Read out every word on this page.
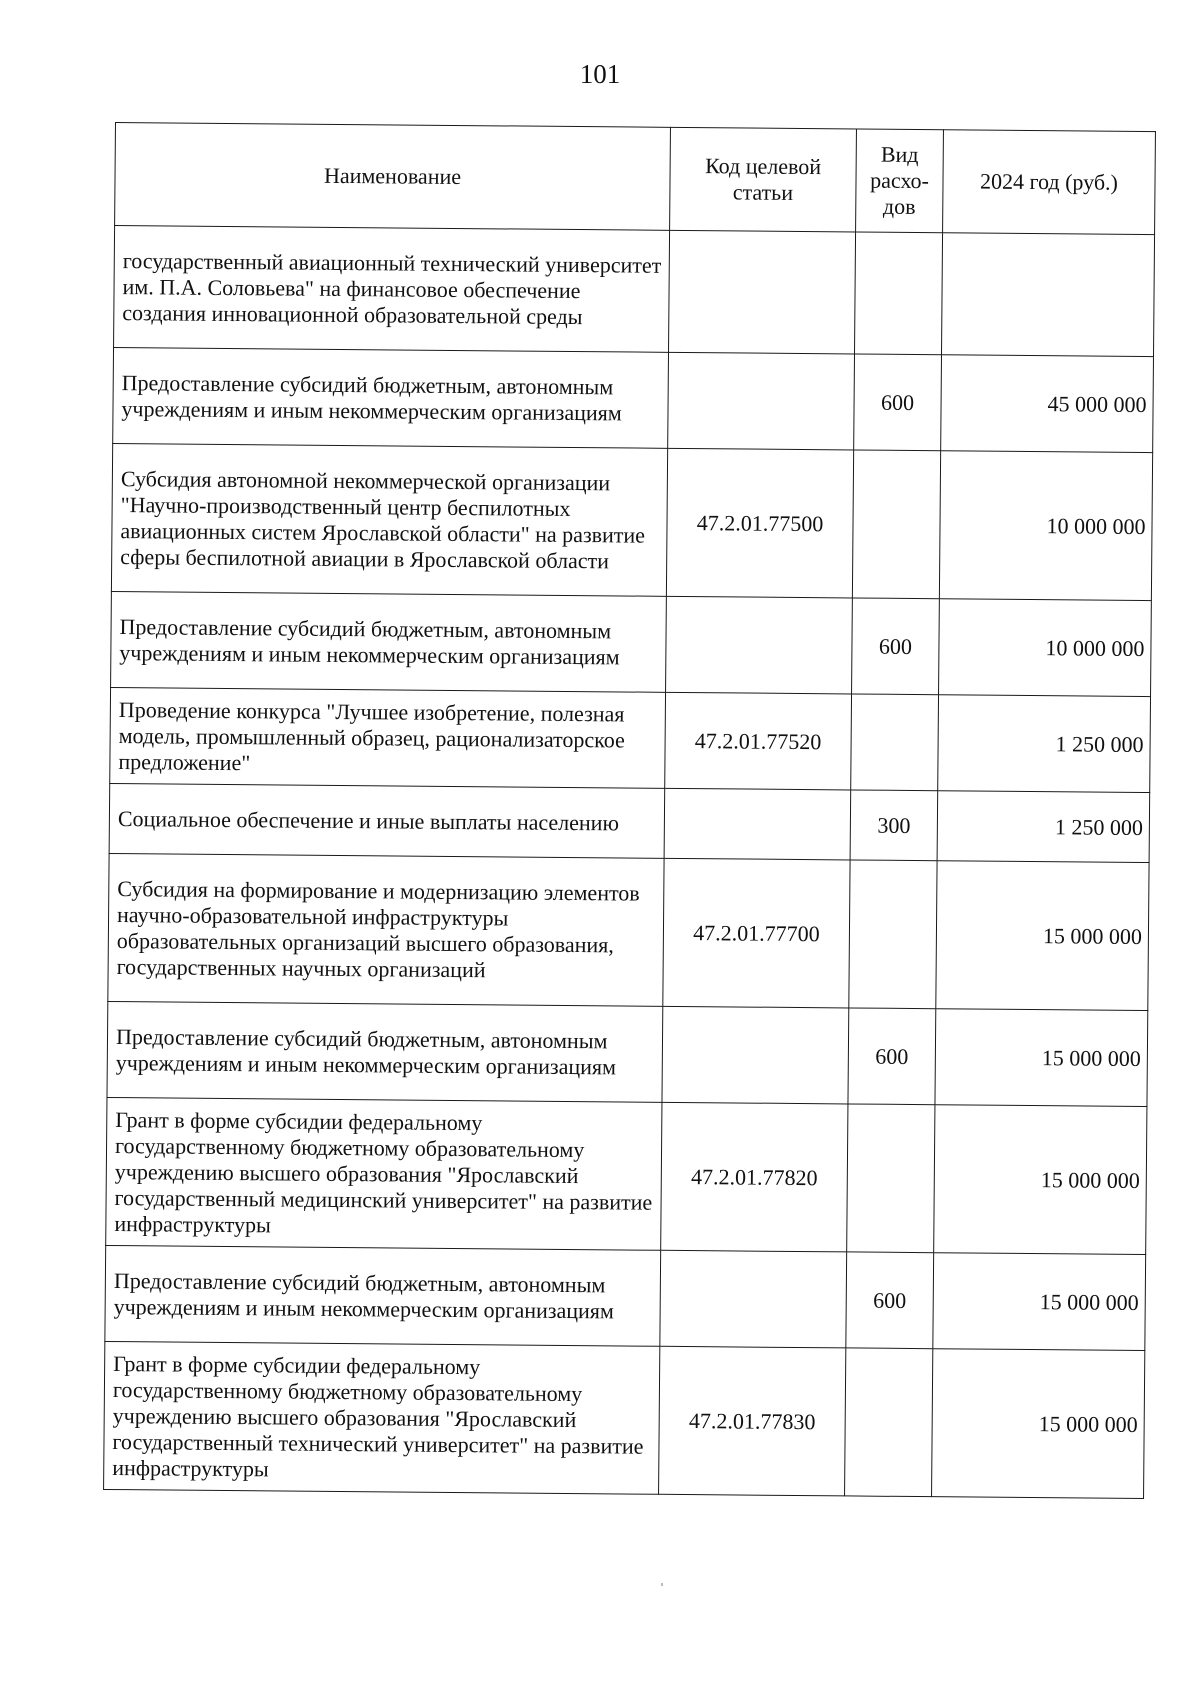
101
Наименование	Код целевой статьи	Вид расхо-дов	2024 год (руб.)
государственный авиационный технический университет им. П.А. Соловьева" на финансовое обеспечение создания инновационной образовательной среды			
Предоставление субсидий бюджетным, автономным учреждениям и иным некоммерческим организациям		600	45 000 000
Субсидия автономной некоммерческой организации "Научно-производственный центр беспилотных авиационных систем Ярославской области" на развитие сферы беспилотной авиации в Ярославской области	47.2.01.77500		10 000 000
Предоставление субсидий бюджетным, автономным учреждениям и иным некоммерческим организациям		600	10 000 000
Проведение конкурса "Лучшее изобретение, полезная модель, промышленный образец, рационализаторское предложение"	47.2.01.77520		1 250 000
Социальное обеспечение и иные выплаты населению		300	1 250 000
Субсидия на формирование и модернизацию элементов научно-образовательной инфраструктуры образовательных организаций высшего образования, государственных научных организаций	47.2.01.77700		15 000 000
Предоставление субсидий бюджетным, автономным учреждениям и иным некоммерческим организациям		600	15 000 000
Грант в форме субсидии федеральному государственному бюджетному образовательному учреждению высшего образования "Ярославский государственный медицинский университет" на развитие инфраструктуры	47.2.01.77820		15 000 000
Предоставление субсидий бюджетным, автономным учреждениям и иным некоммерческим организациям		600	15 000 000
Грант в форме субсидии федеральному государственному бюджетному образовательному учреждению высшего образования "Ярославский государственный технический университет" на развитие инфраструктуры	47.2.01.77830		15 000 000
